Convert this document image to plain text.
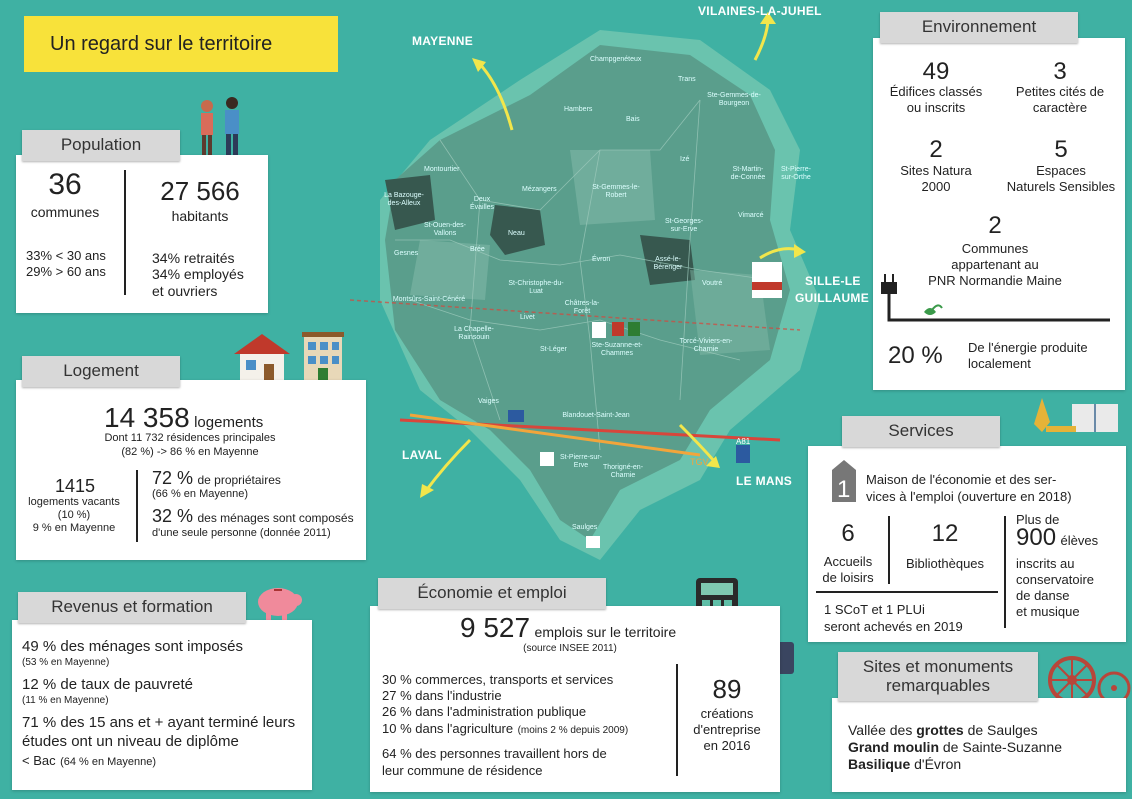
Champgenéteux
Bais
Hambers
Izé
Montourtier
Deux Évailles
La Bazouge-des-Alleux
Mézangers
Neau
St-Ouen-des-Vallons
Gesnes
Brée
Évron	Assé-le-Bérenger
Voutré
Montsûrs-Saint-Cénéré
Livet
St-Christophe-du-Luat
La Chapelle-Rainsouin
St-Léger
Châtres-la-Forêt
Ste-Suzanne-et-Chammes
Torcé-Viviers-en-Charnie
Vaiges
Blandouet-Saint-Jean
St-Pierre-sur-Erve	Thorigné-en-Charnie
Saulges
Vimarcé
St-Martin-de-Connée
St-Pierre-sur-Orthe
St-Georges-sur-Erve
St-Gemmes-le-Robert
Trans
Ste-Gemmes-de-Bourgeon
MAYENNE
VILAINES-LA-JUHEL
SILLE-LE
GUILLAUME
LAVAL
LE MANS
A81
TGV
Un regard sur le territoire
Population
36
communes
27 566
habitants
33% < 30 ans
29% > 60 ans
34% retraités
34% employés
et ouvriers
Logement
14 358 logements
Dont 11 732 résidences principales
(82 %) -> 86 % en Mayenne
1415
logements vacants
(10 %)
9 % en Mayenne
72 % de propriétaires
(66 % en Mayenne)
32 % des ménages sont composés
d'une seule personne (donnée 2011)
Revenus et formation
49 % des ménages sont imposés
(53 % en Mayenne)
12 % de taux de pauvreté
(11 % en Mayenne)
71 % des 15 ans et + ayant terminé leurs
études ont un niveau de diplôme
< Bac (64 % en Mayenne)
Économie et emploi
9 527 emplois sur le territoire
(source INSEE 2011)
30 % commerces, transports et services
27 % dans l'industrie
26 % dans l'administration publique
10 % dans l'agriculture (moins 2 % depuis 2009)
64 % des personnes travaillent hors de
leur commune de résidence
89
créations
d'entreprise
en 2016
Environnement
49
Édifices classés
ou inscrits
3
Petites cités de
caractère
2
Sites Natura
2000
5
Espaces
Naturels Sensibles
2
Communes
appartenant au
PNR Normandie Maine
20 % De l'énergie produite
localement
Services
1 Maison de l'économie et des ser-
vices à l'emploi (ouverture en 2018)
6
Accueils
de loisirs
12
Bibliothèques
Plus de
900 élèves
inscrits au
conservatoire
de danse
et musique
1 SCoT et 1 PLUi
seront achevés en 2019
Sites et monuments
remarquables
Vallée des grottes de Saulges
Grand moulin de Sainte-Suzanne
Basilique d'Évron
